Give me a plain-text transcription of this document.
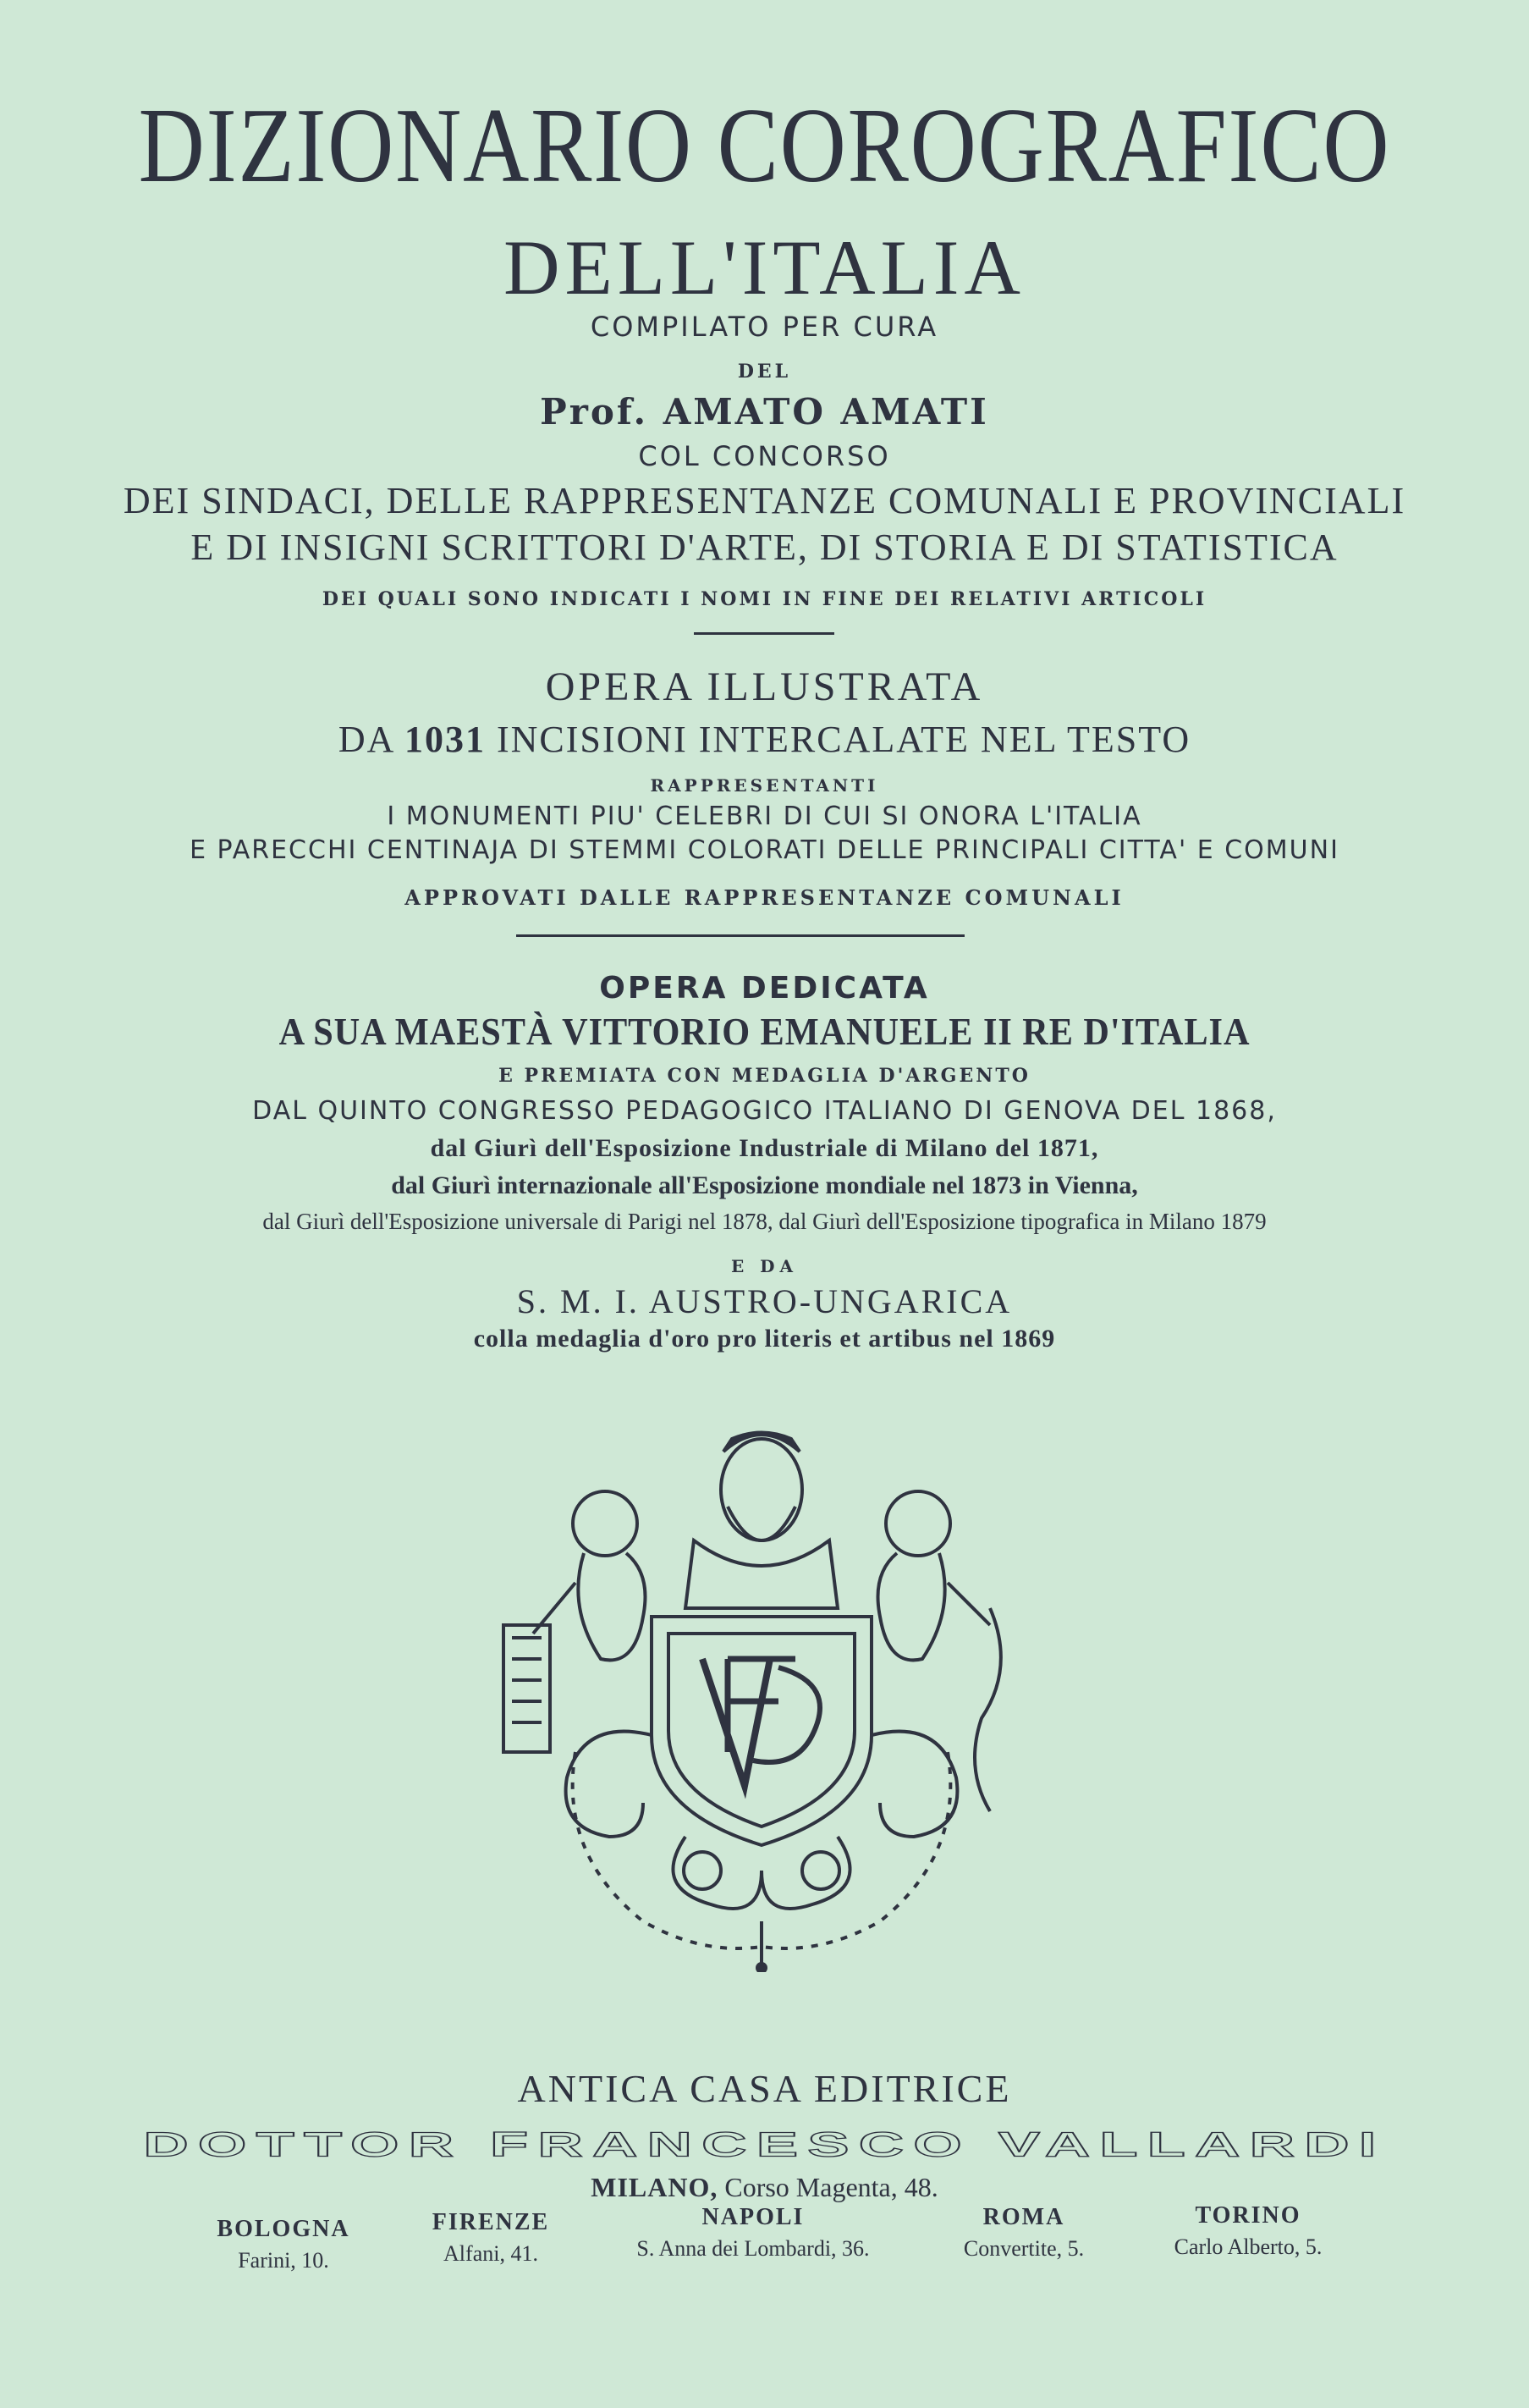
DIZIONARIO COROGRAFICO
DELL'ITALIA
COMPILATO PER CURA
DEL
Prof. AMATO AMATI
COL CONCORSO
DEI SINDACI, DELLE RAPPRESENTANZE COMUNALI E PROVINCIALI
E DI INSIGNI SCRITTORI D'ARTE, DI STORIA E DI STATISTICA
DEI QUALI SONO INDICATI I NOMI IN FINE DEI RELATIVI ARTICOLI
OPERA ILLUSTRATA
DA 1031 INCISIONI INTERCALATE NEL TESTO
RAPPRESENTANTI
I MONUMENTI PIU' CELEBRI DI CUI SI ONORA L'ITALIA
E PARECCHI CENTINAJA DI STEMMI COLORATI DELLE PRINCIPALI CITTA' E COMUNI
APPROVATI DALLE RAPPRESENTANZE COMUNALI
OPERA DEDICATA
A SUA MAESTÀ VITTORIO EMANUELE II RE D'ITALIA
E PREMIATA CON MEDAGLIA D'ARGENTO
DAL QUINTO CONGRESSO PEDAGOGICO ITALIANO DI GENOVA DEL 1868,
dal Giurì dell'Esposizione Industriale di Milano del 1871,
dal Giurì internazionale all'Esposizione mondiale nel 1873 in Vienna,
dal Giurì dell'Esposizione universale di Parigi nel 1878, dal Giurì dell'Esposizione tipografica in Milano 1879
E DA
S. M. I. AUSTRO-UNGARICA
colla medaglia d'oro pro literis et artibus nel 1869
ANTICA CASA EDITRICE
DOTTOR FRANCESCO VALLARDI
MILANO, Corso Magenta, 48.
BOLOGNA
Farini, 10.
FIRENZE
Alfani, 41.
NAPOLI
S. Anna dei Lombardi, 36.
ROMA
Convertite, 5.
TORINO
Carlo Alberto, 5.
